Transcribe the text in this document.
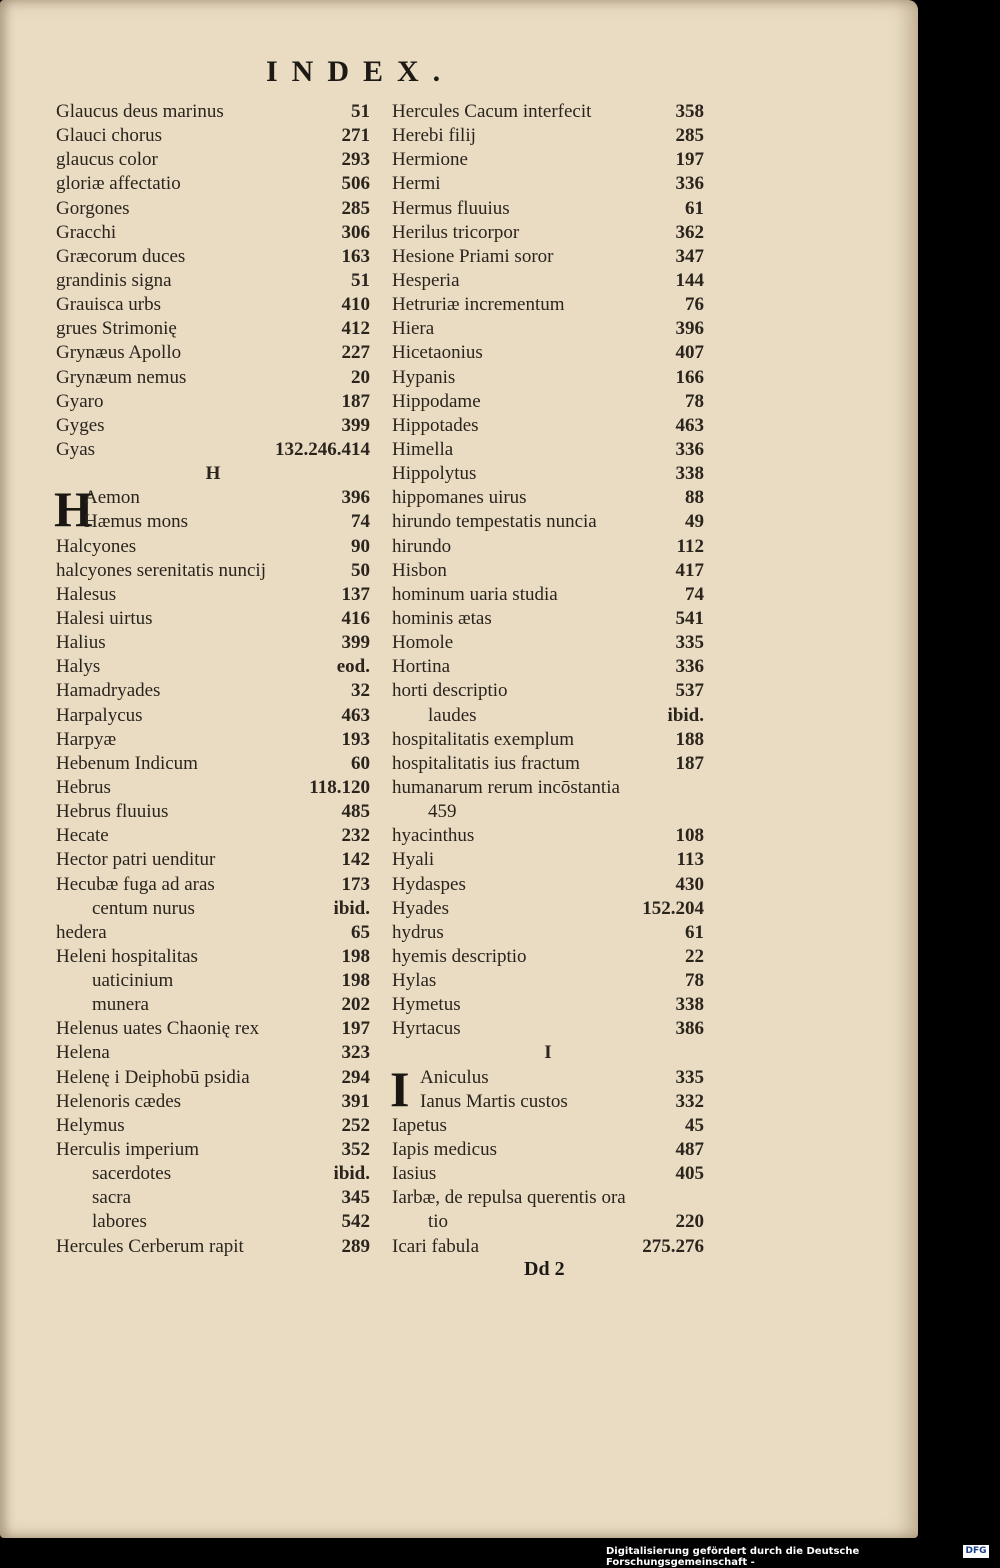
INDEX.
Glaucus deus marinus	51
Glauci chorus	271
glaucus color	293
gloriæ affectatio	506
Gorgones	285
Gracchi	306
Græcorum duces	163
grandinis signa	51
Grauisca urbs	410
grues Strimonię	412
Grynæus Apollo	227
Grynæum nemus	20
Gyaro	187
Gyges	399
Gyas	132.246.414
H
H
Aemon	396
Hæmus mons	74
Halcyones	90
halcyones serenitatis nuncij	50
Halesus	137
Halesi uirtus	416
Halius	399
Halys	eod.
Hamadryades	32
Harpalycus	463
Harpyæ	193
Hebenum Indicum	60
Hebrus	118.120
Hebrus fluuius	485
Hecate	232
Hector patri uenditur	142
Hecubæ fuga ad aras	173
centum nurus	ibid.
hedera	65
Heleni hospitalitas	198
uaticinium	198
munera	202
Helenus uates Chaonię rex	197
Helena	323
Helenę i Deiphobū psidia	294
Helenoris cædes	391
Helymus	252
Herculis imperium	352
sacerdotes	ibid.
sacra	345
labores	542
Hercules Cerberum rapit	289
Hercules Cacum interfecit	358
Herebi filij	285
Hermione	197
Hermi	336
Hermus fluuius	61
Herilus tricorpor	362
Hesione Priami soror	347
Hesperia	144
Hetruriæ incrementum	76
Hiera	396
Hicetaonius	407
Hypanis	166
Hippodame	78
Hippotades	463
Himella	336
Hippolytus	338
hippomanes uirus	88
hirundo tempestatis nuncia	49
hirundo	112
Hisbon	417
hominum uaria studia	74
hominis ætas	541
Homole	335
Hortina	336
horti descriptio	537
laudes	ibid.
hospitalitatis exemplum	188
hospitalitatis ius fractum	187
humanarum rerum incōstantia
459
hyacinthus	108
Hyali	113
Hydaspes	430
Hyades	152.204
hydrus	61
hyemis descriptio	22
Hylas	78
Hymetus	338
Hyrtacus	386
I
I Aniculus	335
Ianus Martis custos	332
Iapetus	45
Iapis medicus	487
Iasius	405
Iarbæ, de repulsa querentis ora
tio	220
Icari fabula	275.276
Dd 2
Digitalisierung gefördert durch die Deutsche Forschungsgemeinschaft -
DFG
